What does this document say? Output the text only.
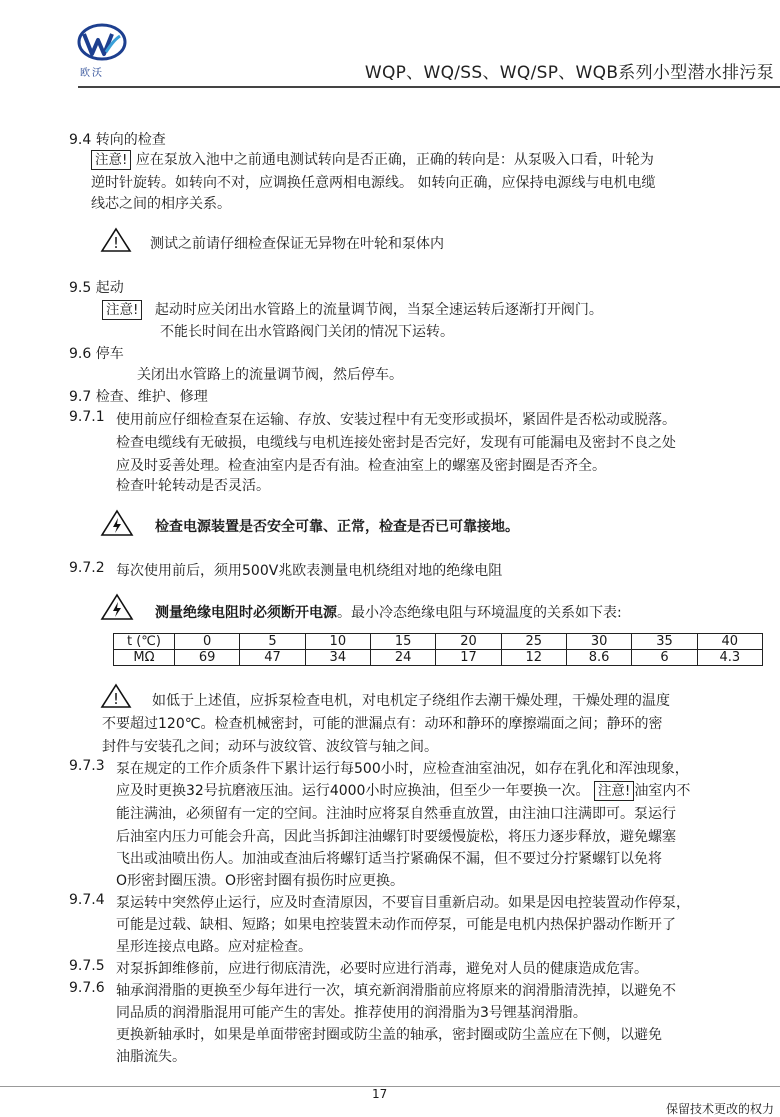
欧沃	WQP、WQ/SS、WQ/SP、WQB系列小型潜水排污泵
9.4 转向的检查
注意! 应在泵放入池中之前通电测试转向是否正确，正确的转向是：从泵吸入口看，叶轮为
逆时针旋转。如转向不对，应调换任意两相电源线。 如转向正确，应保持电源线与电机电缆
线芯之间的相序关系。
! 测试之前请仔细检查保证无异物在叶轮和泵体内
9.5 起动
注意! 起动时应关闭出水管路上的流量调节阀，当泵全速运转后逐渐打开阀门。
不能长时间在出水管路阀门关闭的情况下运转。
9.6 停车
关闭出水管路上的流量调节阀，然后停车。
9.7 检查、维护、修理
9.7.1 使用前应仔细检查泵在运输、存放、安装过程中有无变形或损坏，紧固件是否松动或脱落。
检查电缆线有无破损，电缆线与电机连接处密封是否完好，发现有可能漏电及密封不良之处
应及时妥善处理。检查油室内是否有油。检查油室上的螺塞及密封圈是否齐全。
检查叶轮转动是否灵活。
检查电源装置是否安全可靠、正常，检查是否已可靠接地。
9.7.2 每次使用前后，须用500V兆欧表测量电机绕组对地的绝缘电阻
测量绝缘电阻时必须断开电源。最小冷态绝缘电阻与环境温度的关系如下表:
t (℃)	0	5	10	15	20	25	30	35	40
MΩ	69	47	34	24	17	12	8.6	6	4.3
! 如低于上述值，应拆泵检查电机，对电机定子绕组作去潮干燥处理，干燥处理的温度
不要超过120℃。检查机械密封，可能的泄漏点有：动环和静环的摩擦端面之间；静环的密
封件与安装孔之间；动环与波纹管、波纹管与轴之间。
9.7.3 泵在规定的工作介质条件下累计运行每500小时，应检查油室油况，如存在乳化和浑浊现象，
应及时更换32号抗磨液压油。运行4000小时应换油，但至少一年要换一次。 注意! 油室内不
能注满油，必须留有一定的空间。注油时应将泵自然垂直放置，由注油口注满即可。泵运行
后油室内压力可能会升高，因此当拆卸注油螺钉时要缓慢旋松，将压力逐步释放，避免螺塞
飞出或油喷出伤人。加油或查油后将螺钉适当拧紧确保不漏，但不要过分拧紧螺钉以免将
O形密封圈压溃。O形密封圈有损伤时应更换。
9.7.4 泵运转中突然停止运行，应及时查清原因，不要盲目重新启动。如果是因电控装置动作停泵，
可能是过载、缺相、短路；如果电控装置未动作而停泵，可能是电机内热保护器动作断开了
星形连接点电路。应对症检查。
9.7.5 对泵拆卸维修前，应进行彻底清洗，必要时应进行消毒，避免对人员的健康造成危害。
9.7.6 轴承润滑脂的更换至少每年进行一次，填充新润滑脂前应将原来的润滑脂清洗掉，以避免不
同品质的润滑脂混用可能产生的害处。推荐使用的润滑脂为3号锂基润滑脂。
更换新轴承时，如果是单面带密封圈或防尘盖的轴承，密封圈或防尘盖应在下侧，以避免
油脂流失。
17
保留技术更改的权力
